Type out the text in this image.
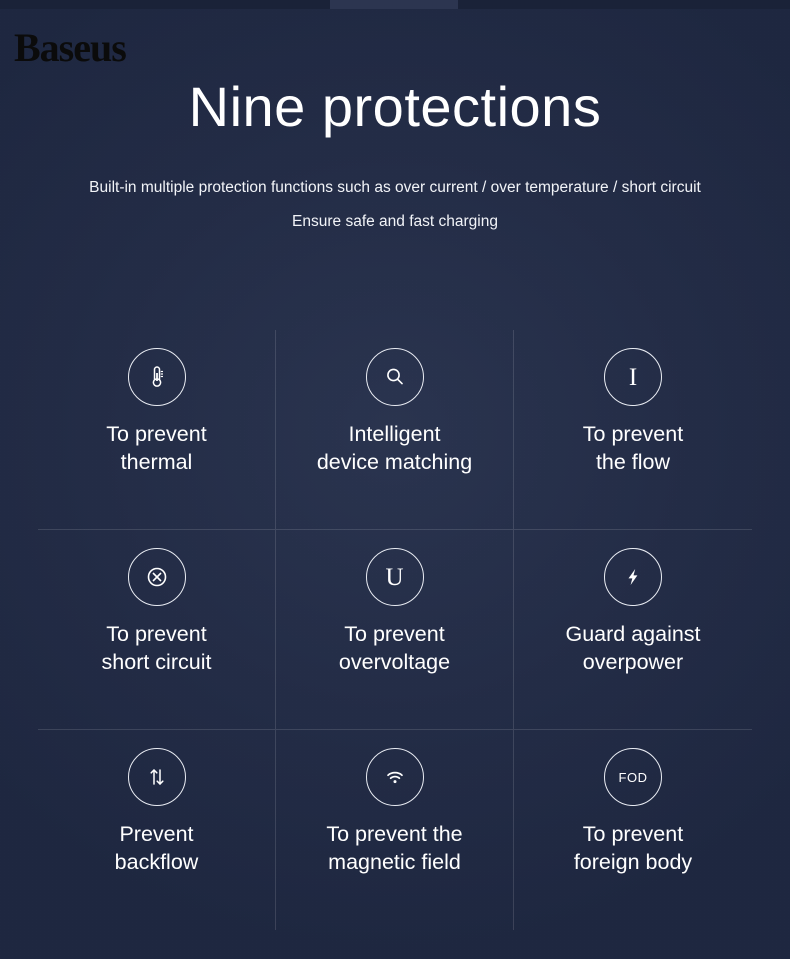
Baseus
Nine protections
Built-in multiple protection functions such as over current / over temperature / short circuit
Ensure safe and fast charging
To prevent
thermal
Intelligent
device matching
I
To prevent
the flow
To prevent
short circuit
U
To prevent
overvoltage
Guard against
overpower
Prevent
backflow
To prevent the
magnetic field
FOD
To prevent
foreign body
